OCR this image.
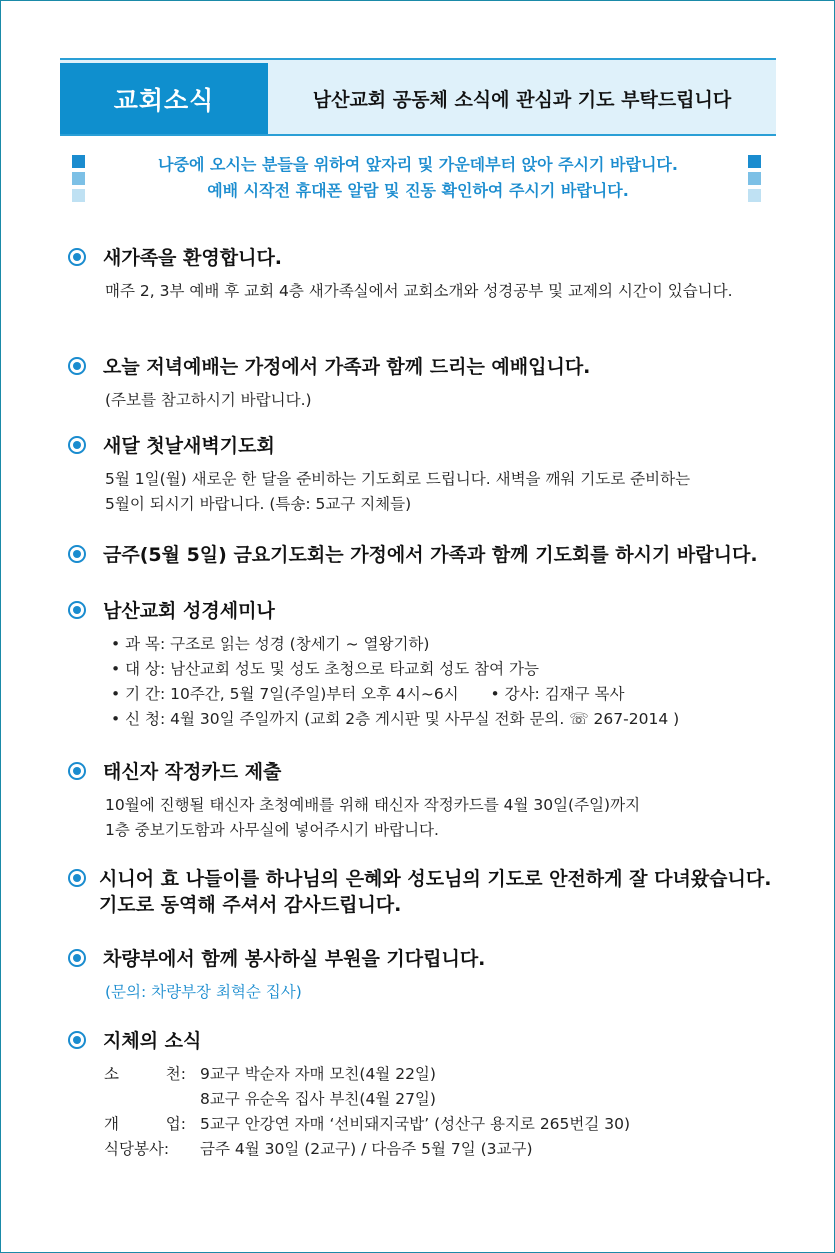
교회소식	남산교회 공동체 소식에 관심과 기도 부탁드립니다
나중에 오시는 분들을 위하여 앞자리 및 가운데부터 앉아 주시기 바랍니다.
예배 시작전 휴대폰 알람 및 진동 확인하여 주시기 바랍니다.
새가족을 환영합니다.
매주 2, 3부 예배 후 교회 4층 새가족실에서 교회소개와 성경공부 및 교제의 시간이 있습니다.
오늘 저녁예배는 가정에서 가족과 함께 드리는 예배입니다.
(주보를 참고하시기 바랍니다.)
새달 첫날새벽기도회
5월 1일(월) 새로운 한 달을 준비하는 기도회로 드립니다. 새벽을 깨워 기도로 준비하는
5월이 되시기 바랍니다. (특송: 5교구 지체들)
금주(5월 5일) 금요기도회는 가정에서 가족과 함께 기도회를 하시기 바랍니다.
남산교회 성경세미나
• 과 목: 구조로 읽는 성경 (창세기 ~ 열왕기하)
• 대 상: 남산교회 성도 및 성도 초청으로 타교회 성도 참여 가능
• 기 간: 10주간, 5월 7일(주일)부터 오후 4시~6시 • 강사: 김재구 목사
• 신 청: 4월 30일 주일까지 (교회 2층 게시판 및 사무실 전화 문의. ☏ 267-2014 )
태신자 작정카드 제출
10월에 진행될 태신자 초청예배를 위해 태신자 작정카드를 4월 30일(주일)까지
1층 중보기도함과 사무실에 넣어주시기 바랍니다.
시니어 효 나들이를 하나님의 은혜와 성도님의 기도로 안전하게 잘 다녀왔습니다.
기도로 동역해 주셔서 감사드립니다.
차량부에서 함께 봉사하실 부원을 기다립니다.
(문의: 차량부장 최혁순 집사)
지체의 소식
소	천: 9교구 박순자 자매 모친(4월 22일)
8교구 유순옥 집사 부친(4월 27일)
개	업: 5교구 안강연 자매 ‘선비돼지국밥’ (성산구 용지로 265번길 30)
식당봉사: 금주 4월 30일 (2교구) / 다음주 5월 7일 (3교구)
